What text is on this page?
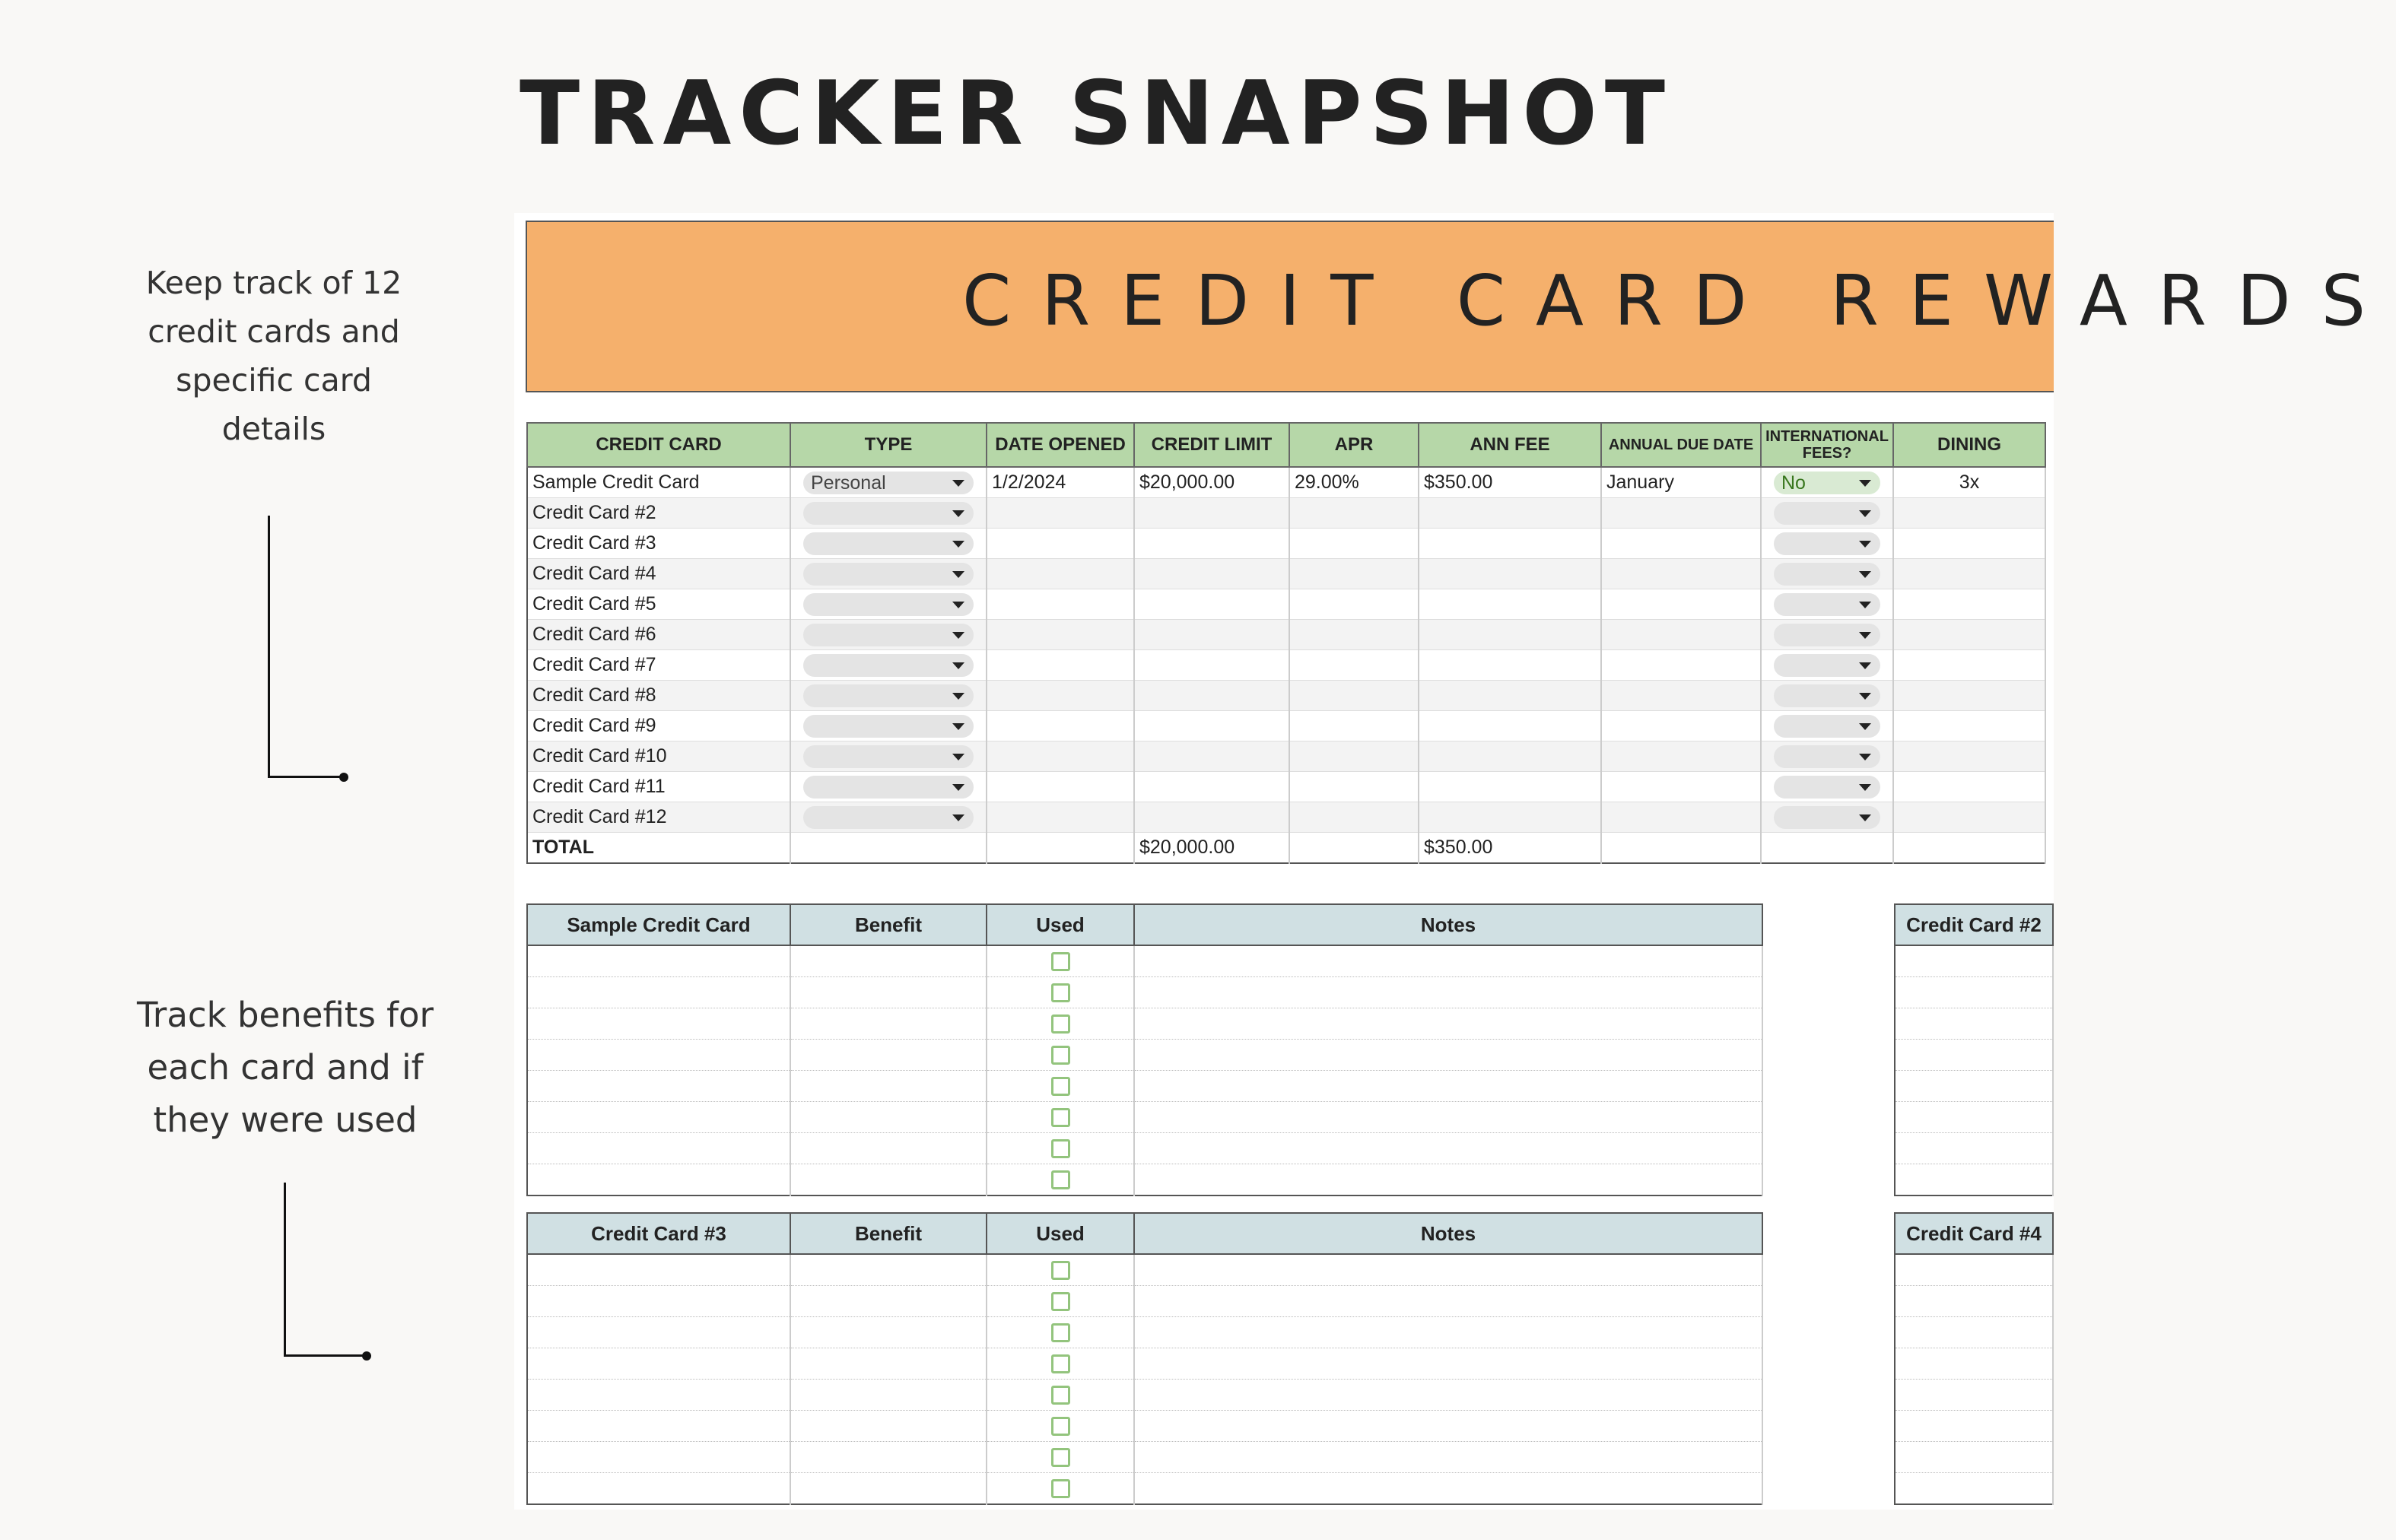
TRACKER SNAPSHOT
Keep track of 12
credit cards and
specific card
details
Track benefits for
each card and if
they were used
CREDIT CARD REWARDS
CREDIT CARD	TYPE	DATE OPENED	CREDIT LIMIT	APR	ANN FEE	ANNUAL DUE DATE	INTERNATIONAL FEES?	DINING
Sample Credit Card	Personal	1/2/2024	$20,000.00	29.00%	$350.00	January	No	3x
Credit Card #2	

Credit Card #3	

Credit Card #4	

Credit Card #5	

Credit Card #6	

Credit Card #7	

Credit Card #8	

Credit Card #9	

Credit Card #10	

Credit Card #11	

Credit Card #12	

TOTAL			$20,000.00		$350.00			
Sample Credit Card	Benefit	Used	Notes

				Credit Card #2

Credit Card #3	Benefit	Used	Notes

				Credit Card #4
